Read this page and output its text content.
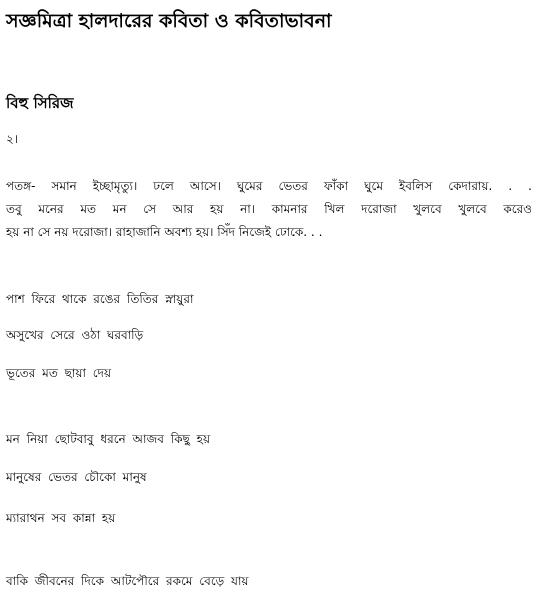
সজ্ঞমিত্রা হালদারের কবিতা ও কবিতাভাবনা
বিহু সিরিজ

২।

পতঙ্গ- সমান ইচ্ছামৃত্যু। ঢলে আসে। ঘুমের ভেতর ফাঁকা ঘুমে ইবলিস কেদারায়. . .

তবু মনের মত মন সে আর হয় না। কামনার খিল দরোজা খুলবে খুলবে করেও

হয় না সে নয় দরোজা। রাহাজানি অবশ্য হয়। সিঁদ নিজেই ঢোকে. . .

পাশ ফিরে থাকে রঙের তিতির স্নায়ুরা

অসুখের সেরে ওঠা ঘরবাড়ি

ভূতের মত ছায়া দেয়

মন নিয়া ছোটবাবু ধরনে আজব কিছু হয়

মানুষের ভেতর চৌকো মানুষ

ম্যারাথন সব কান্না হয়

বাকি জীবনের দিকে আটপৌরে রকমে বেড়ে যায়
